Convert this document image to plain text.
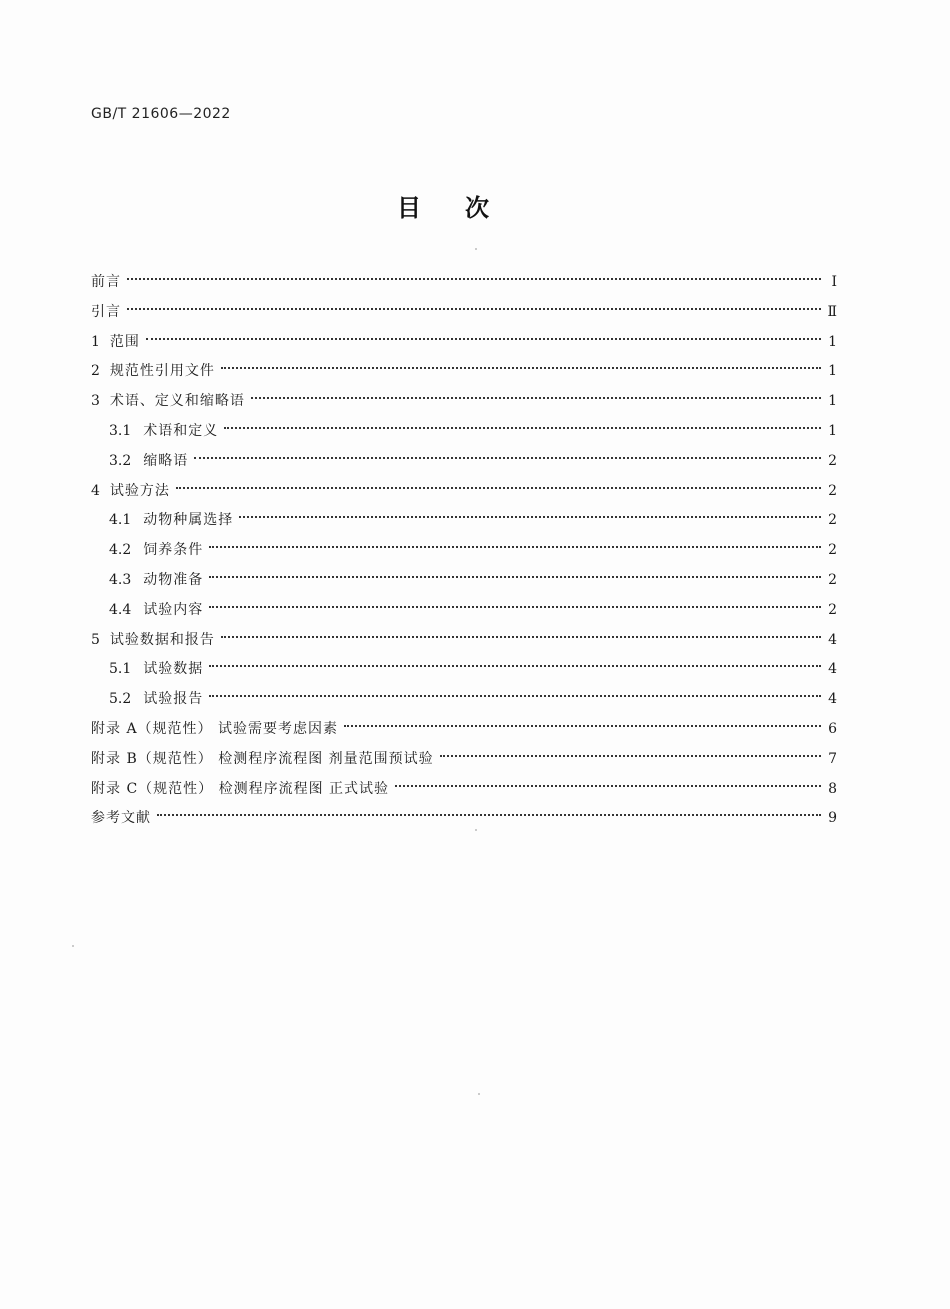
GB/T 21606—2022
目次
前言	Ⅰ
引言	Ⅱ
1 范围	1
2 规范性引用文件	1
3 术语、定义和缩略语	1
3.1 术语和定义	1
3.2 缩略语	2
4 试验方法	2
4.1 动物种属选择	2
4.2 饲养条件	2
4.3 动物准备	2
4.4 试验内容	2
5 试验数据和报告	4
5.1 试验数据	4
5.2 试验报告	4
附录 A（规范性） 试验需要考虑因素	6
附录 B（规范性） 检测程序流程图 剂量范围预试验	7
附录 C（规范性） 检测程序流程图 正式试验	8
参考文献	9
